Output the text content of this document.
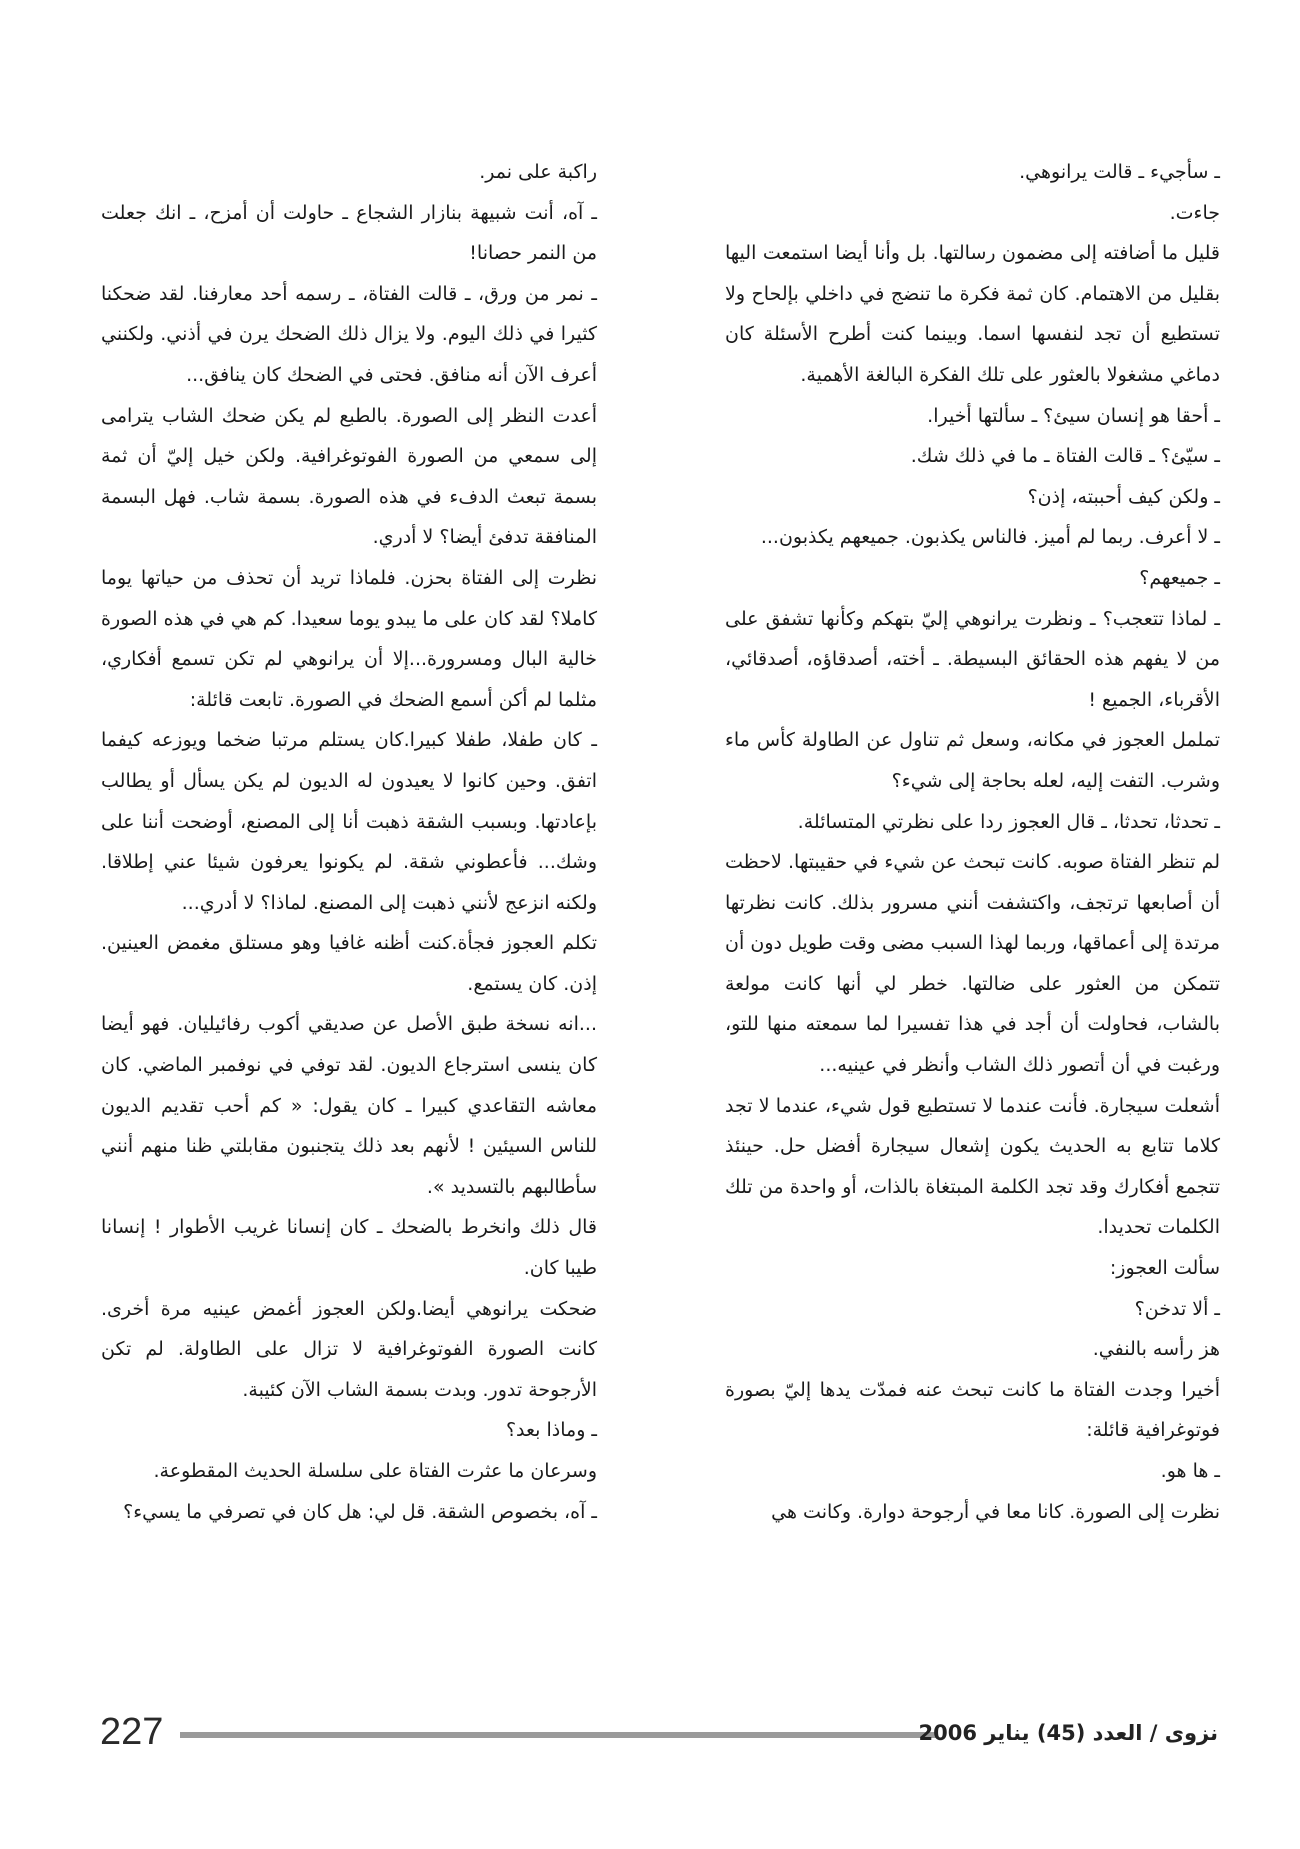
ـ سأجيء ـ قالت يرانوهي.

جاءت.

قليل ما أضافته إلى مضمون رسالتها. بل وأنا أيضا استمعت اليها بقليل من الاهتمام. كان ثمة فكرة ما تنضج في داخلي بإلحاح ولا تستطيع أن تجد لنفسها اسما. وبينما كنت أطرح الأسئلة كان دماغي مشغولا بالعثور على تلك الفكرة البالغة الأهمية.

ـ أحقا هو إنسان سيئ؟ ـ سألتها أخيرا.

ـ سيّئ؟ ـ قالت الفتاة ـ ما في ذلك شك.

ـ ولكن كيف أحببته، إذن؟

ـ لا أعرف. ربما لم أميز. فالناس يكذبون. جميعهم يكذبون...

ـ جميعهم؟

ـ لماذا تتعجب؟ ـ ونظرت يرانوهي إليّ بتهكم وكأنها تشفق على من لا يفهم هذه الحقائق البسيطة. ـ أخته، أصدقاؤه، أصدقائي، الأقرباء، الجميع !

تململ العجوز في مكانه، وسعل ثم تناول عن الطاولة كأس ماء وشرب. التفت إليه، لعله بحاجة إلى شيء؟

ـ تحدثا، تحدثا، ـ قال العجوز ردا على نظرتي المتسائلة.

لم تنظر الفتاة صوبه. كانت تبحث عن شيء في حقيبتها. لاحظت أن أصابعها ترتجف، واكتشفت أنني مسرور بذلك. كانت نظرتها مرتدة إلى أعماقها، وربما لهذا السبب مضى وقت طويل دون أن تتمكن من العثور على ضالتها. خطر لي أنها كانت مولعة بالشاب، فحاولت أن أجد في هذا تفسيرا لما سمعته منها للتو، ورغبت في أن أتصور ذلك الشاب وأنظر في عينيه...

أشعلت سيجارة. فأنت عندما لا تستطيع قول شيء، عندما لا تجد كلاما تتابع به الحديث يكون إشعال سيجارة أفضل حل. حينئذ تتجمع أفكارك وقد تجد الكلمة المبتغاة بالذات، أو واحدة من تلك الكلمات تحديدا.

سألت العجوز:

ـ ألا تدخن؟

هز رأسه بالنفي.

أخيرا وجدت الفتاة ما كانت تبحث عنه فمدّت يدها إليّ بصورة فوتوغرافية قائلة:

ـ ها هو.

نظرت إلى الصورة. كانا معا في أرجوحة دوارة. وكانت هي

راكبة على نمر.

ـ آه، أنت شبيهة بنازار الشجاع ـ حاولت أن أمزح، ـ انك جعلت من النمر حصانا!

ـ نمر من ورق، ـ قالت الفتاة، ـ رسمه أحد معارفنا. لقد ضحكنا كثيرا في ذلك اليوم. ولا يزال ذلك الضحك يرن في أذني. ولكنني أعرف الآن أنه منافق. فحتى في الضحك كان ينافق...

أعدت النظر إلى الصورة. بالطبع لم يكن ضحك الشاب يترامى إلى سمعي من الصورة الفوتوغرافية. ولكن خيل إليّ أن ثمة بسمة تبعث الدفء في هذه الصورة. بسمة شاب. فهل البسمة المنافقة تدفئ أيضا؟ لا أدري.

نظرت إلى الفتاة بحزن. فلماذا تريد أن تحذف من حياتها يوما كاملا؟ لقد كان على ما يبدو يوما سعيدا. كم هي في هذه الصورة خالية البال ومسرورة...إلا أن يرانوهي لم تكن تسمع أفكاري، مثلما لم أكن أسمع الضحك في الصورة. تابعت قائلة:

ـ كان طفلا، طفلا كبيرا.كان يستلم مرتبا ضخما ويوزعه كيفما اتفق. وحين كانوا لا يعيدون له الديون لم يكن يسأل أو يطالب بإعادتها. وبسبب الشقة ذهبت أنا إلى المصنع، أوضحت أننا على وشك... فأعطوني شقة. لم يكونوا يعرفون شيئا عني إطلاقا. ولكنه انزعج لأنني ذهبت إلى المصنع. لماذا؟ لا أدري...

تكلم العجوز فجأة.كنت أظنه غافيا وهو مستلق مغمض العينين. إذن. كان يستمع.

...انه نسخة طبق الأصل عن صديقي أكوب رفائيليان. فهو أيضا كان ينسى استرجاع الديون. لقد توفي في نوفمبر الماضي. كان معاشه التقاعدي كبيرا ـ كان يقول: « كم أحب تقديم الديون للناس السيئين ! لأنهم بعد ذلك يتجنبون مقابلتي ظنا منهم أنني سأطالبهم بالتسديد ».

قال ذلك وانخرط بالضحك ـ كان إنسانا غريب الأطوار ! إنسانا طيبا كان.

ضحكت يرانوهي أيضا.ولكن العجوز أغمض عينيه مرة أخرى. كانت الصورة الفوتوغرافية لا تزال على الطاولة. لم تكن الأرجوحة تدور. وبدت بسمة الشاب الآن كئيبة.

ـ وماذا بعد؟

وسرعان ما عثرت الفتاة على سلسلة الحديث المقطوعة.

ـ آه، بخصوص الشقة. قل لي: هل كان في تصرفي ما يسيء؟

227	نزوى / العدد (45) يناير 2006
